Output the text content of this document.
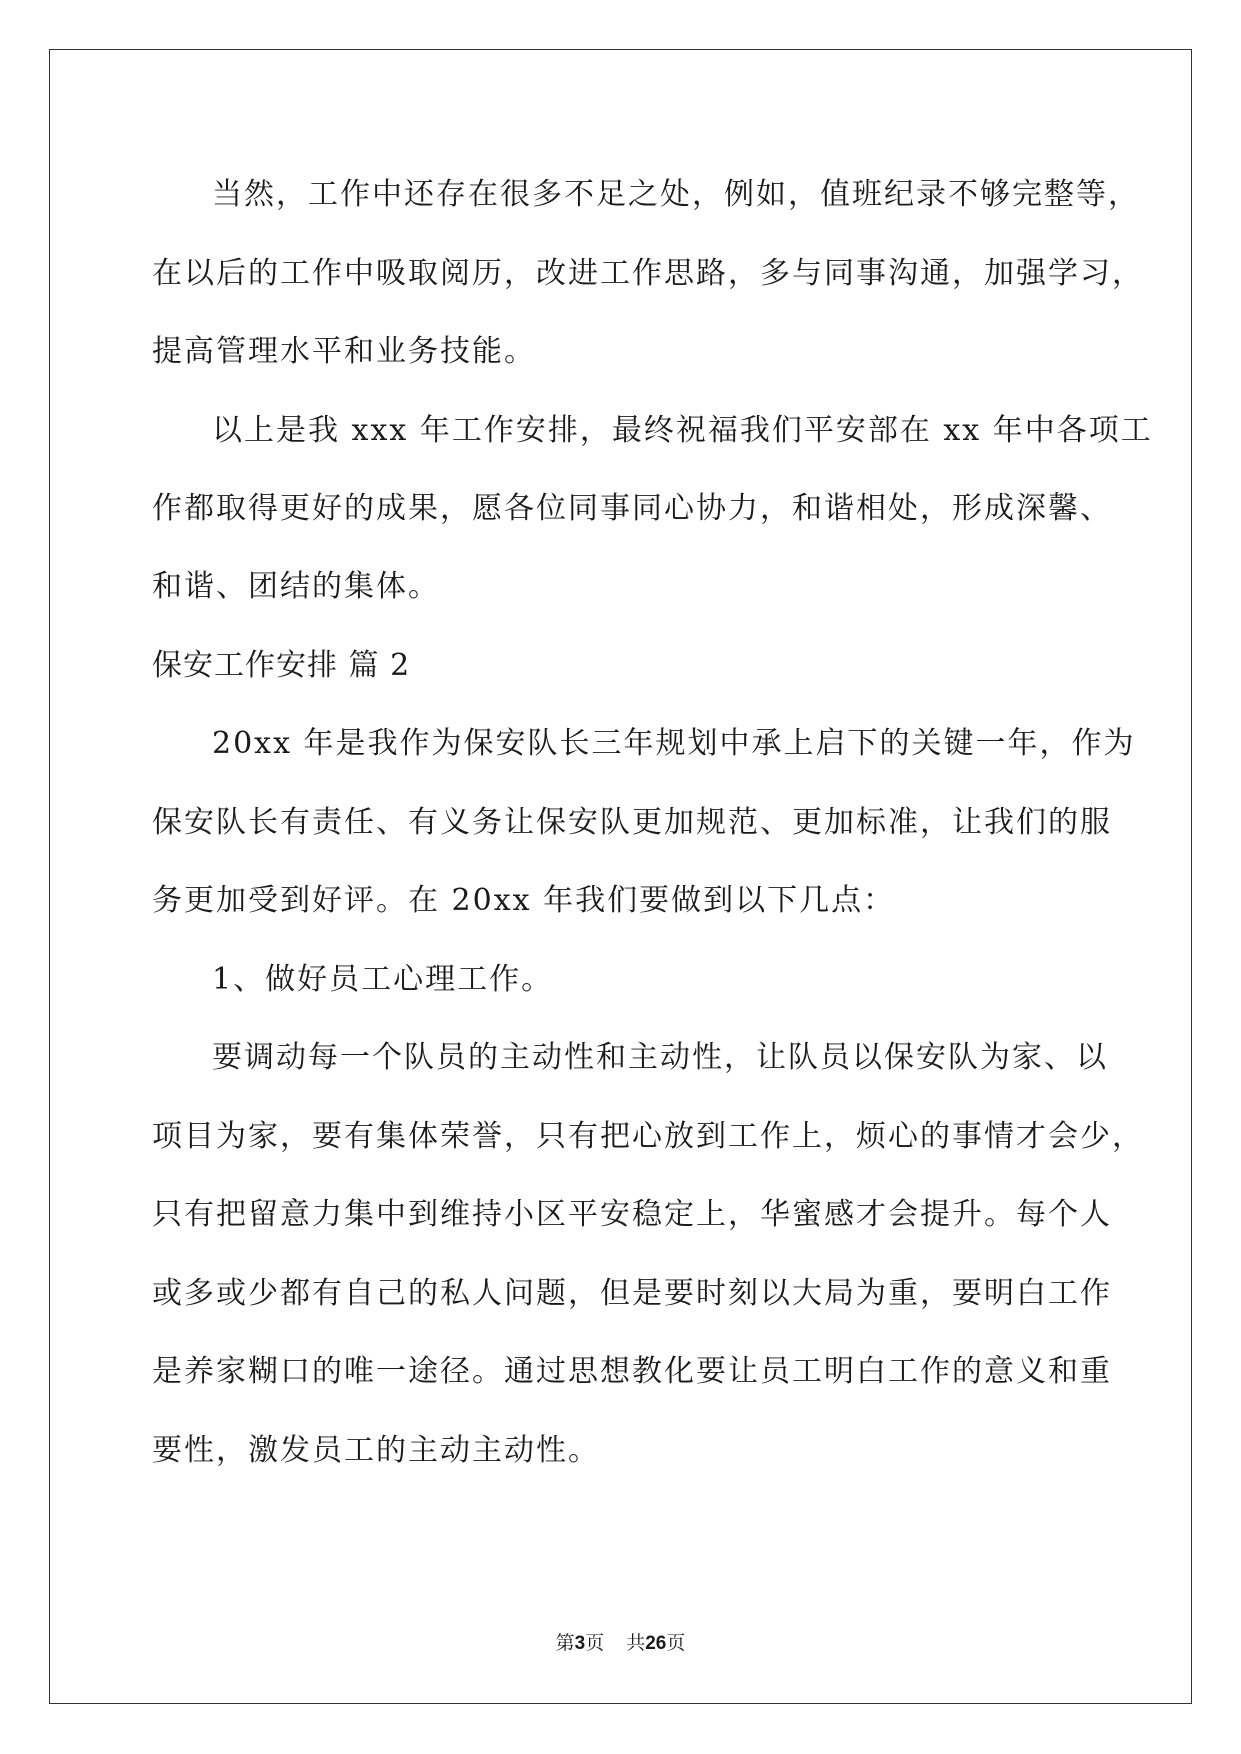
当然，工作中还存在很多不足之处，例如，值班纪录不够完整等，
在以后的工作中吸取阅历，改进工作思路，多与同事沟通，加强学习，
提高管理水平和业务技能。
以上是我 xxx 年工作安排，最终祝福我们平安部在 xx 年中各项工
作都取得更好的成果，愿各位同事同心协力，和谐相处，形成深馨、
和谐、团结的集体。
保安工作安排 篇 2
20xx 年是我作为保安队长三年规划中承上启下的关键一年，作为
保安队长有责任、有义务让保安队更加规范、更加标准，让我们的服
务更加受到好评。在 20xx 年我们要做到以下几点：
1、做好员工心理工作。
要调动每一个队员的主动性和主动性，让队员以保安队为家、以
项目为家，要有集体荣誉，只有把心放到工作上，烦心的事情才会少，
只有把留意力集中到维持小区平安稳定上，华蜜感才会提升。每个人
或多或少都有自己的私人问题，但是要时刻以大局为重，要明白工作
是养家糊口的唯一途径。通过思想教化要让员工明白工作的意义和重
要性，激发员工的主动主动性。
第3页 共26页
